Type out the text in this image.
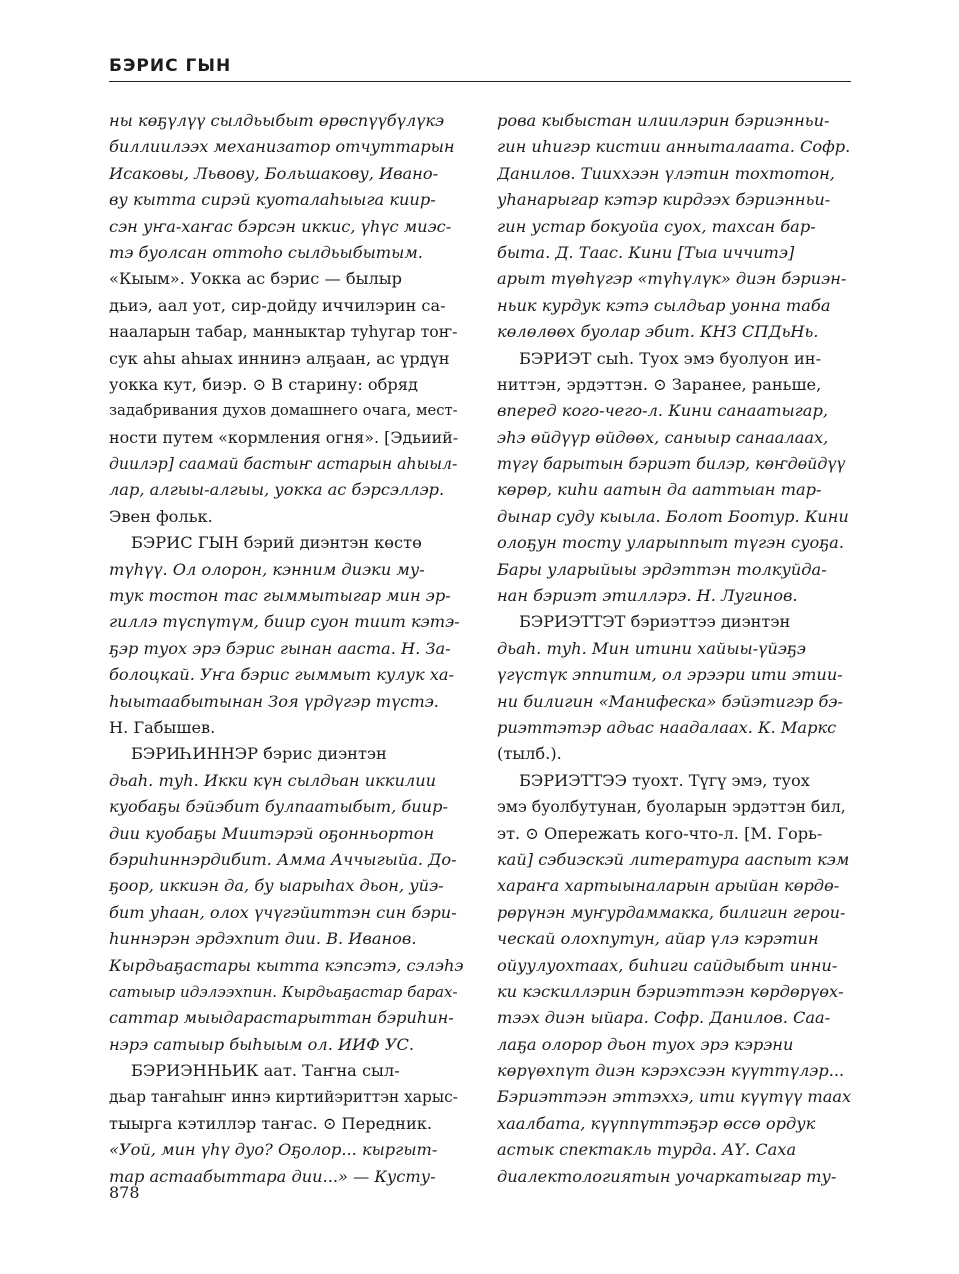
БЭРИС ГЫН
ны көҕүлүү сылдьыбыт өрөспүүбүлүкэ
биллиилээх механизатор отчуттарын
Исаковы, Львову, Большакову, Ивано-
ву кытта сирэй куоталаһыыга киир-
сэн уҥа-хаҥас бэрсэн иккис, үһүс миэс-
тэ буолсан оттоһо сылдьыбытым.
«Кыым». Уокка ас бэрис — былыр
дьиэ, аал уот, сир-дойду иччилэрин са-
нааларын табар, манныктар туһугар тоҥ-
сук аһы аһыах иннинэ алҕаан, ас үрдүн
уокка кут, биэр. ⊙ В старину: обряд
задабривания духов домашнего очага, мест-
ности путем «кормления огня». [Эдьиий-
диилэр] саамай бастыҥ астарын аһыыл-
лар, алгыы-алгыы, уокка ас бэрсэллэр.
Эвен фольк.
БЭРИС ГЫН бэрий диэнтэн көстө
түһүү. Ол олорон, кэнним диэки му-
тук тостон тас гыммытыгар мин эр-
гиллэ түспүтүм, биир суон тиит кэтэ-
ҕэр туох эрэ бэрис гынан ааста. Н. За-
болоцкай. Уҥа бэрис гыммыт кулук ха-
һыытаабытынан Зоя үрдүгэр түстэ.
Н. Габышев.
БЭРИҺИННЭР бэрис диэнтэн
дьаһ. туһ. Икки күн сылдьан иккилии
куобаҕы бэйэбит булпаатыбыт, биир-
дии куобаҕы Миитэрэй оҕонньортон
бэриһиннэрдибит. Амма Аччыгыйа. До-
ҕоор, иккиэн да, бу ыарыһах дьон, уйэ-
бит уһаан, олох үчүгэйиттэн син бэри-
һиннэрэн эрдэхпит дии. В. Иванов.
Кырдьаҕастары кытта кэпсэтэ, сэлэһэ
сатыыр идэлээхпин. Кырдьаҕастар барах-
саттар мыыдарастарыттан бэриһин-
нэрэ сатыыр быһыым ол. ИИФ УС.
БЭРИЭННЬИК аат. Таҥна сыл-
дьар таҥаһыҥ иннэ киртийэриттэн харыс-
тыырга кэтиллэр таҥас. ⊙ Передник.
«Уой, мин үһү дуо? Оҕолор... кыргыт-
тар астаабыттара дии...» — Кусту-
рова кыбыстан илиилэрин бэриэнньи-
гин иһигэр кистии анныталаата. Софр.
Данилов. Тииххээн үлэтин тохтотон,
уһанарыгар кэтэр кирдээх бэриэнньи-
гин устар бокуойа суох, тахсан бар-
быта. Д. Таас. Кини [Тыа иччитэ]
арыт түөһүгэр «түһүлүк» диэн бэриэн-
ньик курдук кэтэ сылдьар уонна таба
көлөлөөх буолар эбит. КНЗ СПДьНь.
БЭРИЭТ сыһ. Туох эмэ буолуон ин-
ниттэн, эрдэттэн. ⊙ Заранее, раньше,
вперед кого-чего-л. Кини санаатыгар,
эһэ өйдүүр өйдөөх, саныыр санаалаах,
түгү барытын бэриэт билэр, көҥдөйдүү
көрөр, киһи аатын да ааттыан тар-
дынар суду кыыла. Болот Боотур. Кини
олоҕун тосту уларыппыт түгэн суоҕа.
Бары уларыйыы эрдэттэн толкуйда-
нан бэриэт этиллэрэ. Н. Лугинов.
БЭРИЭТТЭТ бэриэттээ диэнтэн
дьаһ. туһ. Мин итини хайыы-үйэҕэ
үгүстүк эппитим, ол эрээри ити этии-
ни билигин «Манифеска» бэйэтигэр бэ-
риэттэтэр адьас наадалаах. К. Маркс
(тылб.).
БЭРИЭТТЭЭ туохт. Түгү эмэ, туох
эмэ буолбутунан, буоларын эрдэттэн бил,
эт. ⊙ Опережать кого-что-л. [М. Горь-
кай] сэбиэскэй литература ааспыт кэм
хараҥа хартыыналарын арыйан көрдө-
рөрүнэн муҥурдаммакка, билигин герои-
ческай олохпутун, айар үлэ кэрэтин
ойуулуохтаах, биһиги сайдыбыт инни-
ки кэскиллэрин бэриэттээн көрдөрүөх-
тээх диэн ыйара. Софр. Данилов. Саа-
лаҕа олорор дьон туох эрэ кэрэни
көрүөхпүт диэн кэрэхсээн күүттүлэр...
Бэриэттээн эттэххэ, ити күүтүү таах
хаалбата, күүппүттэҕэр өссө ордук
астык спектакль турда. АҮ. Саха
диалектологиятын уочаркатыгар ту-
878
